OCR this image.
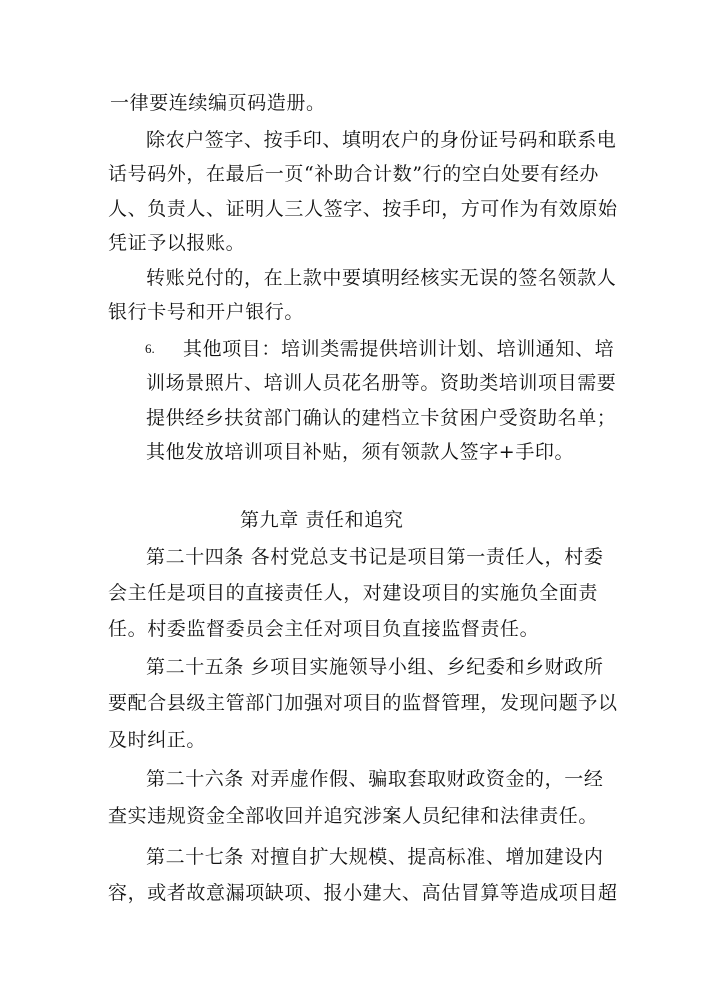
一律要连续编页码造册。
除农户签字、按手印、填明农户的身份证号码和联系电
话号码外，在最后一页“补助合计数”行的空白处要有经办
人、负责人、证明人三人签字、按手印，方可作为有效原始
凭证予以报账。
转账兑付的，在上款中要填明经核实无误的签名领款人
银行卡号和开户银行。
6. 其他项目：培训类需提供培训计划、培训通知、培
训场景照片、培训人员花名册等。资助类培训项目需要
提供经乡扶贫部门确认的建档立卡贫困户受资助名单；
其他发放培训项目补贴，须有领款人签字+手印。
第九章 责任和追究
第二十四条 各村党总支书记是项目第一责任人，村委
会主任是项目的直接责任人，对建设项目的实施负全面责
任。村委监督委员会主任对项目负直接监督责任。
第二十五条 乡项目实施领导小组、乡纪委和乡财政所
要配合县级主管部门加强对项目的监督管理，发现问题予以
及时纠正。
第二十六条 对弄虚作假、骗取套取财政资金的，一经
查实违规资金全部收回并追究涉案人员纪律和法律责任。
第二十七条 对擅自扩大规模、提高标准、增加建设内
容，或者故意漏项缺项、报小建大、高估冒算等造成项目超
